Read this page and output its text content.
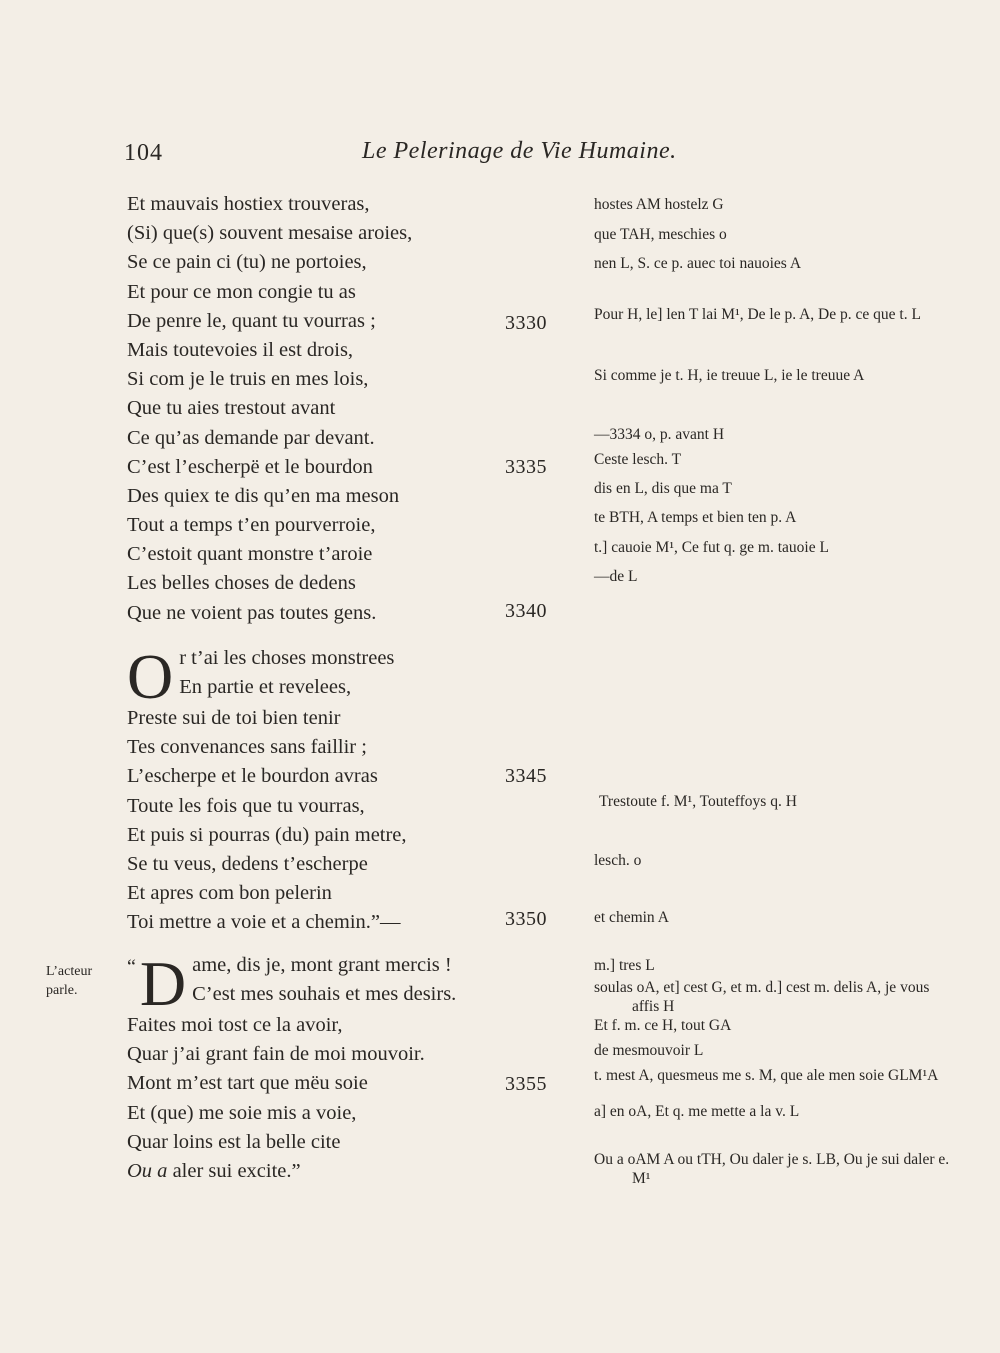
104	Le Pelerinage de Vie Humaine.
Et mauvais hostiex trouveras,
(Si) que(s) souvent mesaise aroies,
Se ce pain ci (tu) ne portoies,
Et pour ce mon congie tu as
De penre le, quant tu vourras ;
Mais toutevoies il est drois,
Si com je le truis en mes lois,
Que tu aies trestout avant
Ce qu’as demande par devant.
C’est l’escherpë et le bourdon
Des quiex te dis qu’en ma meson
Tout a temps t’en pourverroie,
C’estoit quant monstre t’aroie
Les belles choses de dedens
Que ne voient pas toutes gens.
O r t’ai les choses monstrees
En partie et revelees,
Preste sui de toi bien tenir
Tes convenances sans faillir ;
L’escherpe et le bourdon avras
Toute les fois que tu vourras,
Et puis si pourras (du) pain metre,
Se tu veus, dedens t’escherpe
Et apres com bon pelerin
Toi mettre a voie et a chemin.”—
“ D ame, dis je, mont grant mercis !
C’est mes souhais et mes desirs.
Faites moi tost ce la avoir,
Quar j’ai grant fain de moi mouvoir.
Mont m’est tart que mëu soie
Et (que) me soie mis a voie,
Quar loins est la belle cite
Ou a aler sui excite.”
3330
3335
3340
3345
3350
3355
L’acteur
parle.
hostes AM hostelz G
que TAH, meschies o
nen L, S. ce p. auec toi nauoies A
Pour H, le] len T lai M¹, De le p. A, De p. ce que t. L
Si comme je t. H, ie treuue L, ie le treuue A
—3334 o, p. avant H
Ceste lesch. T
dis en L, dis que ma T
te BTH, A temps et bien ten p. A
t.] cauoie M¹, Ce fut q. ge m. tauoie L
—de L
Trestoute f. M¹, Touteffoys q. H
lesch. o
et chemin A
m.] tres L
soulas oA, et] cest G, et m. d.] cest m. delis A, je vous affis H
Et f. m. ce H, tout GA
de mesmouvoir L
t. mest A, quesmeus me s. M, que ale men soie GLM¹A
a] en oA, Et q. me mette a la v. L
Ou a oAM A ou tTH, Ou daler je s. LB, Ou je sui daler e. M¹
